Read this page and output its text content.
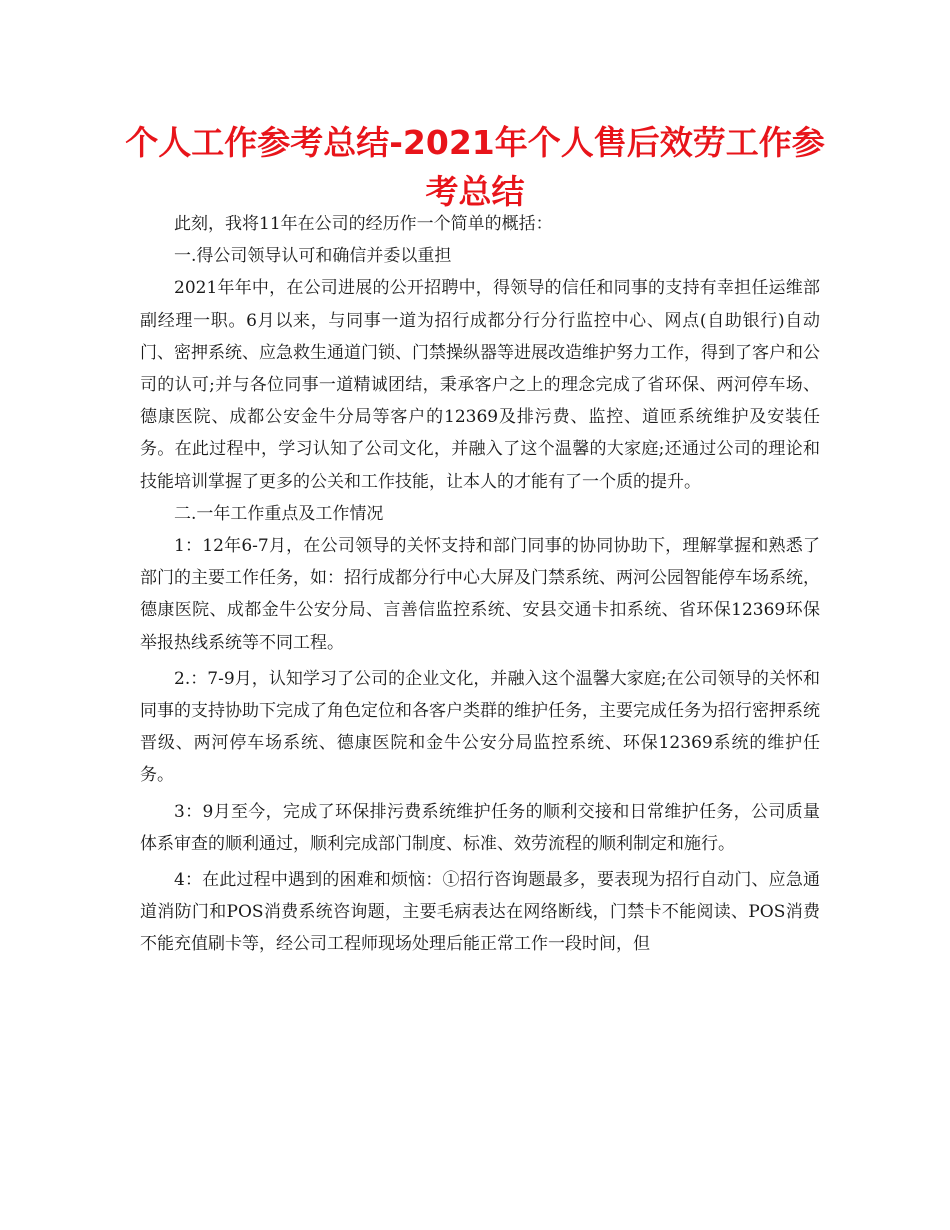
个人工作参考总结-2021年个人售后效劳工作参考总结

此刻，我将11年在公司的经历作一个简单的概括：

一.得公司领导认可和确信并委以重担

2021年年中，在公司进展的公开招聘中，得领导的信任和同事的支持有幸担任运维部副经理一职。6月以来，与同事一道为招行成都分行分行监控中心、网点(自助银行)自动门、密押系统、应急救生通道门锁、门禁操纵器等进展改造维护努力工作，得到了客户和公司的认可;并与各位同事一道精诚团结，秉承客户之上的理念完成了省环保、两河停车场、德康医院、成都公安金牛分局等客户的12369及排污费、监控、道匝系统维护及安装任务。在此过程中，学习认知了公司文化，并融入了这个温馨的大家庭;还通过公司的理论和技能培训掌握了更多的公关和工作技能，让本人的才能有了一个质的提升。

二.一年工作重点及工作情况

1：12年6-7月，在公司领导的关怀支持和部门同事的协同协助下，理解掌握和熟悉了部门的主要工作任务，如：招行成都分行中心大屏及门禁系统、两河公园智能停车场系统，德康医院、成都金牛公安分局、言善信监控系统、安县交通卡扣系统、省环保12369环保举报热线系统等不同工程。

2.：7-9月，认知学习了公司的企业文化，并融入这个温馨大家庭;在公司领导的关怀和同事的支持协助下完成了角色定位和各客户类群的维护任务，主要完成任务为招行密押系统晋级、两河停车场系统、德康医院和金牛公安分局监控系统、环保12369系统的维护任务。

3：9月至今，完成了环保排污费系统维护任务的顺利交接和日常维护任务，公司质量体系审查的顺利通过，顺利完成部门制度、标准、效劳流程的顺利制定和施行。

4：在此过程中遇到的困难和烦恼：①招行咨询题最多，要表现为招行自动门、应急通道消防门和POS消费系统咨询题，主要毛病表达在网络断线，门禁卡不能阅读、POS消费不能充值刷卡等，经公司工程师现场处理后能正常工作一段时间，但
